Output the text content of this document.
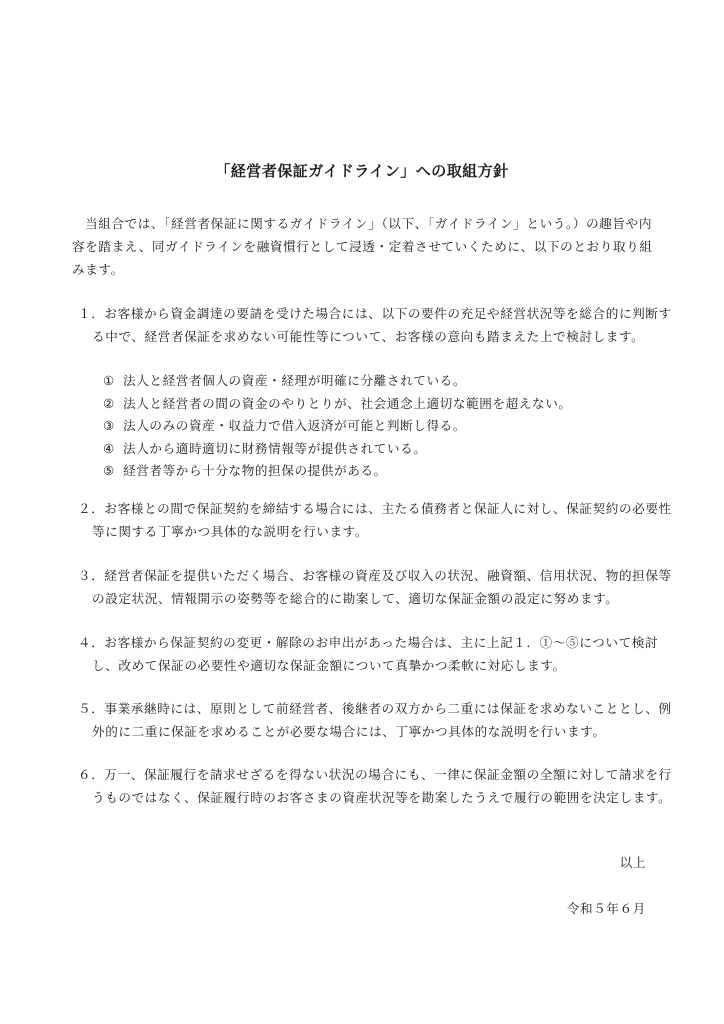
「経営者保証ガイドライン」への取組方針

当組合では、「経営者保証に関するガイドライン」（以下、「ガイドライン」という。）の趣旨や内容を踏まえ、同ガイドラインを融資慣行として浸透・定着させていくために、以下のとおり取り組みます。

１．お客様から資金調達の要請を受けた場合には、以下の要件の充足や経営状況等を総合的に判断する中で、経営者保証を求めない可能性等について、お客様の意向も踏まえた上で検討します。

① 法人と経営者個人の資産・経理が明確に分離されている。
② 法人と経営者の間の資金のやりとりが、社会通念上適切な範囲を超えない。
③ 法人のみの資産・収益力で借入返済が可能と判断し得る。
④ 法人から適時適切に財務情報等が提供されている。
⑤ 経営者等から十分な物的担保の提供がある。

２．お客様との間で保証契約を締結する場合には、主たる債務者と保証人に対し、保証契約の必要性等に関する丁寧かつ具体的な説明を行います。

３．経営者保証を提供いただく場合、お客様の資産及び収入の状況、融資額、信用状況、物的担保等の設定状況、情報開示の姿勢等を総合的に勘案して、適切な保証金額の設定に努めます。

４．お客様から保証契約の変更・解除のお申出があった場合は、主に上記１．①～⑤について検討し、改めて保証の必要性や適切な保証金額について真摯かつ柔軟に対応します。

５．事業承継時には、原則として前経営者、後継者の双方から二重には保証を求めないこととし、例外的に二重に保証を求めることが必要な場合には、丁寧かつ具体的な説明を行います。

６．万一、保証履行を請求せざるを得ない状況の場合にも、一律に保証金額の全額に対して請求を行うものではなく、保証履行時のお客さまの資産状況等を勘案したうえで履行の範囲を決定します。

以上
令和５年６月
